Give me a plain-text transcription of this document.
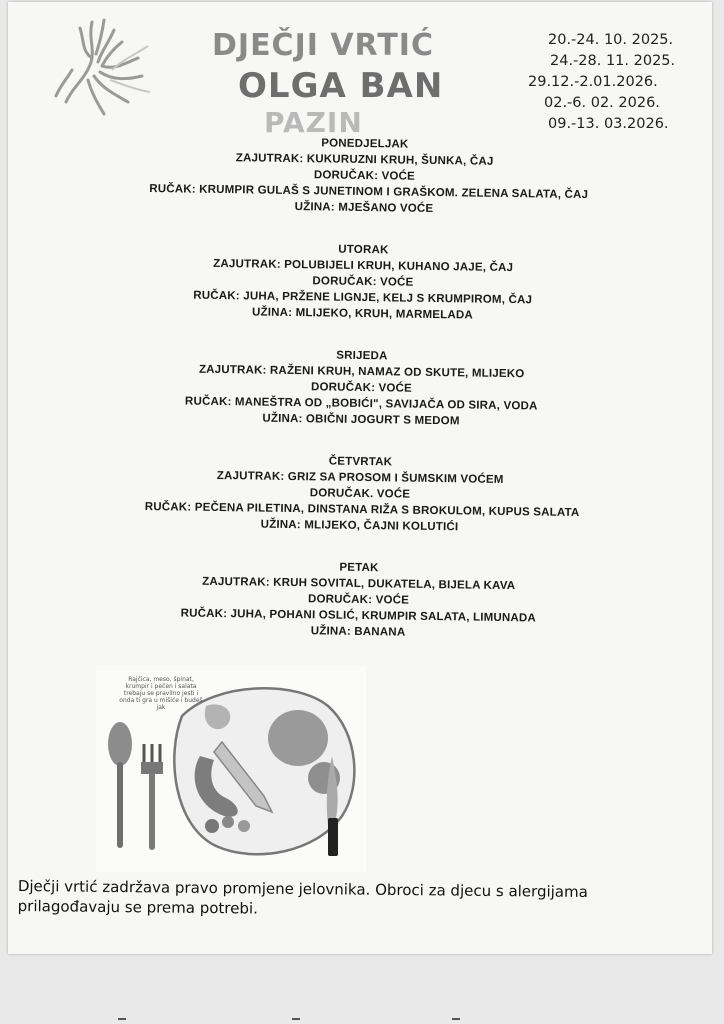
DJEČJI VRTIĆ
OLGA BAN
PAZIN
20.-24. 10. 2025.
24.-28. 11. 2025.
29.12.-2.01.2026.
02.-6. 02. 2026.
09.-13. 03.2026.
PONEDJELJAK
ZAJUTRAK: KUKURUZNI KRUH, ŠUNKA, ČAJ
DORUČAK: VOĆE
RUČAK: KRUMPIR GULAŠ S JUNETINOM I GRAŠKOM. ZELENA SALATA, ČAJ
UŽINA: MJEŠANO VOĆE
UTORAK
ZAJUTRAK: POLUBIJELI KRUH, KUHANO JAJE, ČAJ
DORUČAK: VOĆE
RUČAK: JUHA, PRŽENE LIGNJE, KELJ S KRUMPIROM, ČAJ
UŽINA: MLIJEKO, KRUH, MARMELADA
SRIJEDA
ZAJUTRAK: RAŽENI KRUH, NAMAZ OD SKUTE, MLIJEKO
DORUČAK: VOĆE
RUČAK: MANEŠTRA OD „BOBIĆI", SAVIJAČA OD SIRA, VODA
UŽINA: OBIČNI JOGURT S MEDOM
ČETVRTAK
ZAJUTRAK: GRIZ SA PROSOM I ŠUMSKIM VOĆEM
DORUČAK. VOĆE
RUČAK: PEČENA PILETINA, DINSTANA RIŽA S BROKULOM, KUPUS SALATA
UŽINA: MLIJEKO, ČAJNI KOLUTIĆI
PETAK
ZAJUTRAK: KRUH SOVITAL, DUKATELA, BIJELA KAVA
DORUČAK: VOĆE
RUČAK: JUHA, POHANI OSLIĆ, KRUMPIR SALATA, LIMUNADA
UŽINA: BANANA
Rajčica, meso, špinat, krumpir i pečen i salata trebaju se pravilno jesti i onda ti gra u mišiće i budeš jak
Dječji vrtić zadržava pravo promjene jelovnika. Obroci za djecu s alergijama prilagođavaju se prema potrebi.
